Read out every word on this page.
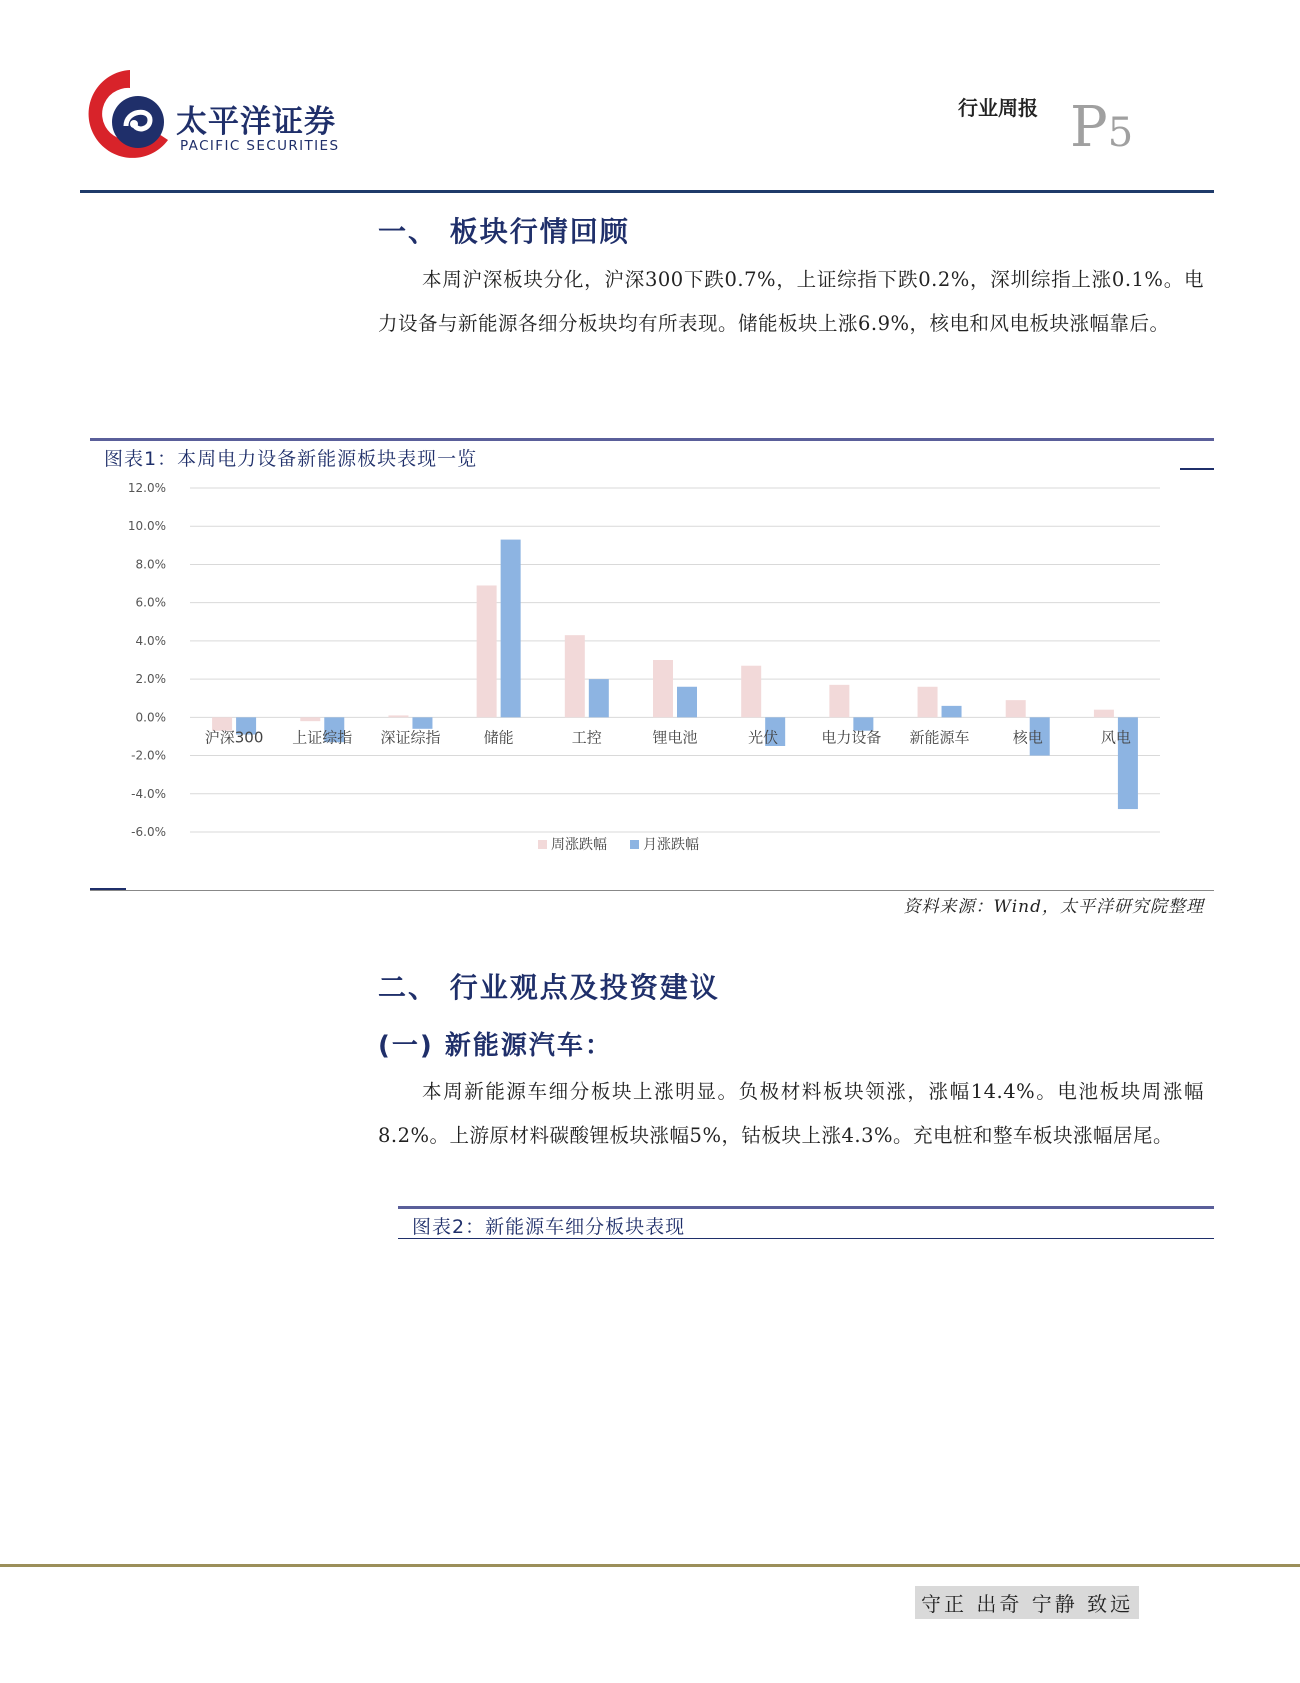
太平洋证券
PACIFIC SECURITIES
行业周报 P5
一、 板块行情回顾
本周沪深板块分化，沪深300下跌0.7%，上证综指下跌0.2%，深圳综指上涨0.1%。电力设备与新能源各细分板块均有所表现。储能板块上涨6.9%，核电和风电板块涨幅靠后。
图表1：本周电力设备新能源板块表现一览
沪深300 上证综指 深证综指	储能	工控	锂电池	光伏	电力设备 新能源车	核电	风电
12.0%
10.0%
8.0%
6.0%
4.0%
2.0%
0.0%
-2.0%
-4.0%
-6.0%
周涨跌幅	月涨跌幅
资料来源：Wind，太平洋研究院整理
二、 行业观点及投资建议
(一) 新能源汽车：
本周新能源车细分板块上涨明显。负极材料板块领涨，涨幅14.4%。电池板块周涨幅8.2%。上游原材料碳酸锂板块涨幅5%，钴板块上涨4.3%。充电桩和整车板块涨幅居尾。
图表2：新能源车细分板块表现
守正 出奇 宁静 致远
